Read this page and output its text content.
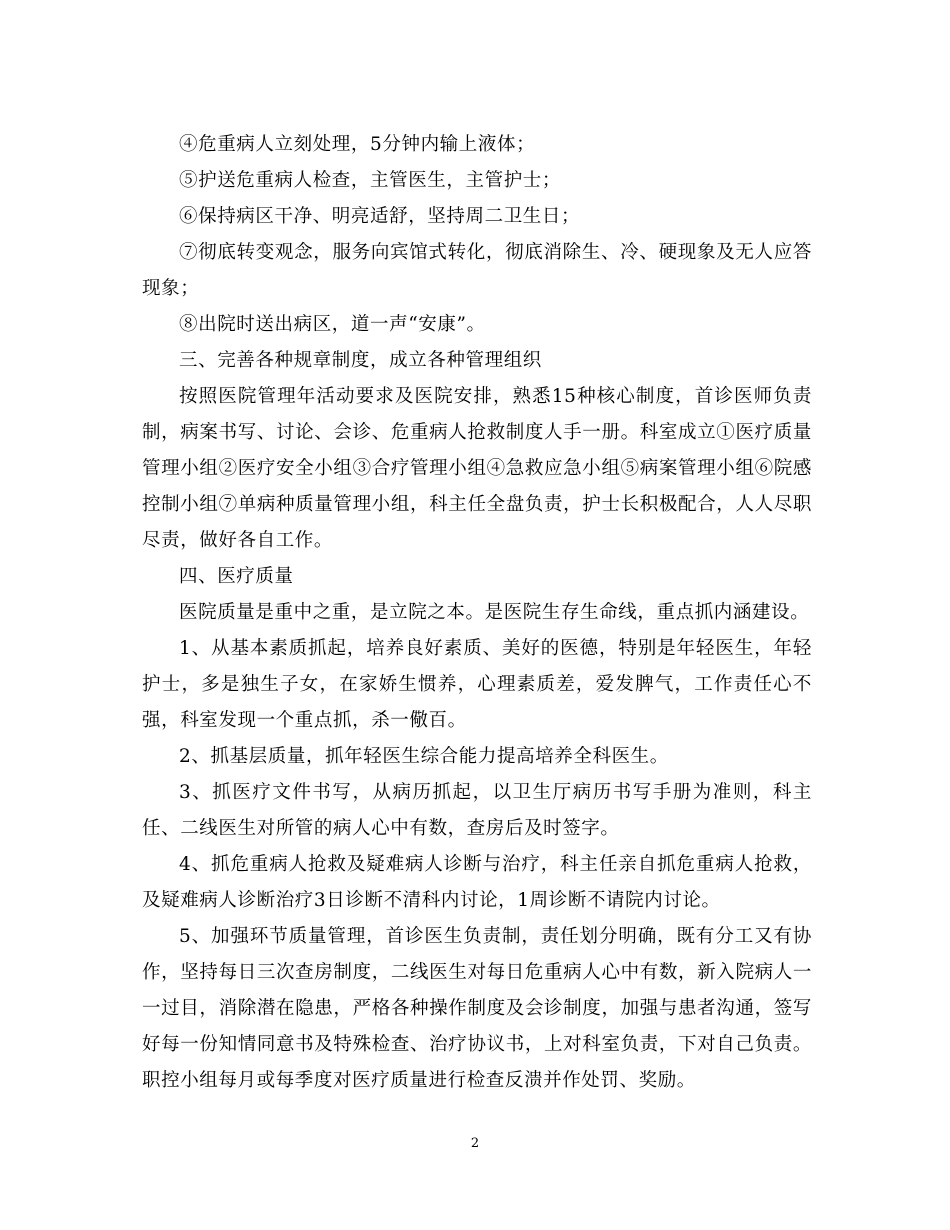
④危重病人立刻处理，5分钟内输上液体；

⑤护送危重病人检查，主管医生，主管护士；

⑥保持病区干净、明亮适舒，坚持周二卫生日；

⑦彻底转变观念，服务向宾馆式转化，彻底消除生、冷、硬现象及无人应答现象；

⑧出院时送出病区，道一声“安康”。

三、完善各种规章制度，成立各种管理组织

按照医院管理年活动要求及医院安排，熟悉15种核心制度，首诊医师负责制，病案书写、讨论、会诊、危重病人抢救制度人手一册。科室成立①医疗质量管理小组②医疗安全小组③合疗管理小组④急救应急小组⑤病案管理小组⑥院感控制小组⑦单病种质量管理小组，科主任全盘负责，护士长积极配合，人人尽职尽责，做好各自工作。

四、医疗质量

医院质量是重中之重，是立院之本。是医院生存生命线，重点抓内涵建设。

1、从基本素质抓起，培养良好素质、美好的医德，特别是年轻医生，年轻护士，多是独生子女，在家娇生惯养，心理素质差，爱发脾气，工作责任心不强，科室发现一个重点抓，杀一儆百。

2、抓基层质量，抓年轻医生综合能力提高培养全科医生。

3、抓医疗文件书写，从病历抓起，以卫生厅病历书写手册为准则，科主任、二线医生对所管的病人心中有数，查房后及时签字。

4、抓危重病人抢救及疑难病人诊断与治疗，科主任亲自抓危重病人抢救，及疑难病人诊断治疗3日诊断不清科内讨论，1周诊断不请院内讨论。

5、加强环节质量管理，首诊医生负责制，责任划分明确，既有分工又有协作，坚持每日三次查房制度，二线医生对每日危重病人心中有数，新入院病人一一过目，消除潜在隐患，严格各种操作制度及会诊制度，加强与患者沟通，签写好每一份知情同意书及特殊检查、治疗协议书，上对科室负责，下对自己负责。职控小组每月或每季度对医疗质量进行检查反溃并作处罚、奖励。

2
